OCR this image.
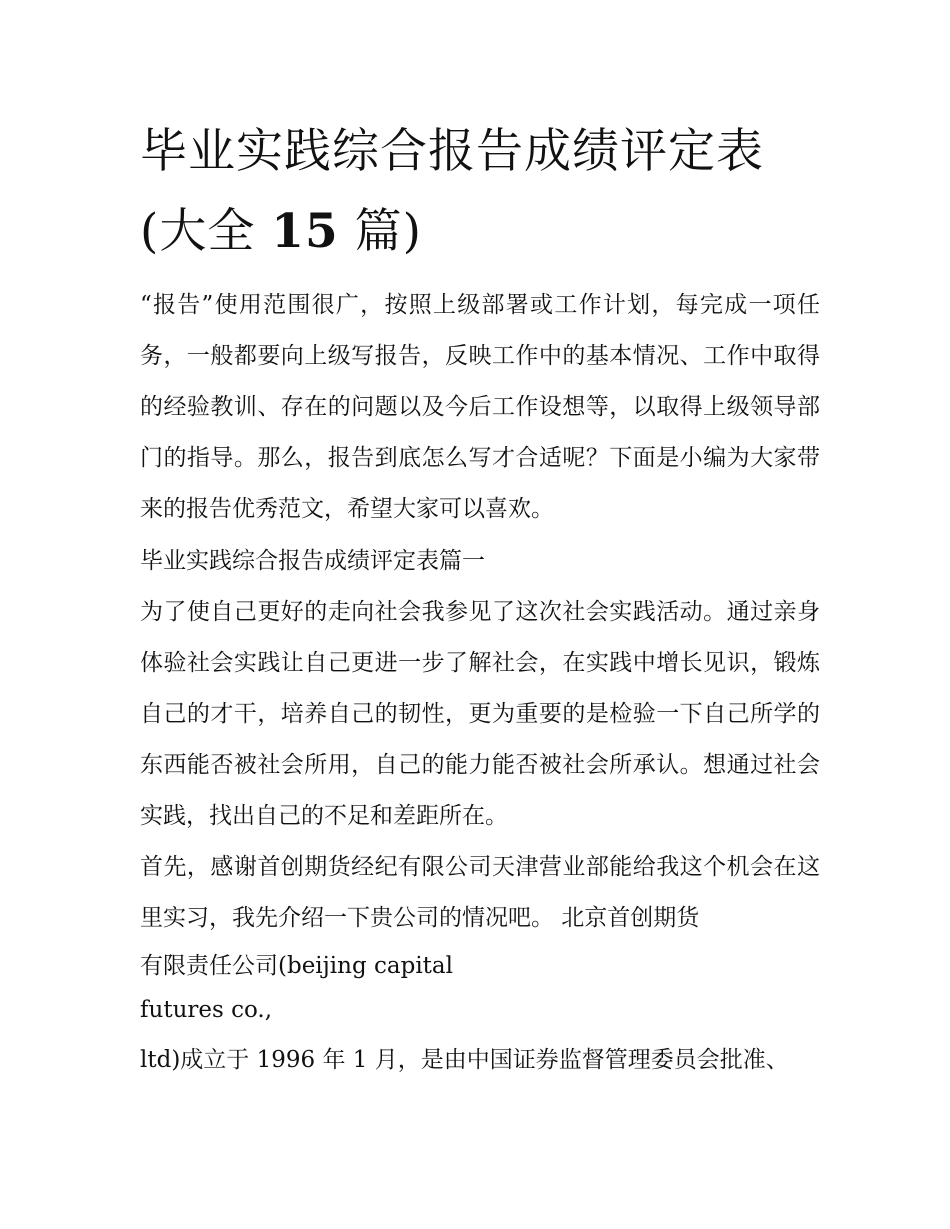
毕业实践综合报告成绩评定表
(大全 15 篇)

“报告”使用范围很广，按照上级部署或工作计划，每完成一项任务，一般都要向上级写报告，反映工作中的基本情况、工作中取得的经验教训、存在的问题以及今后工作设想等，以取得上级领导部门的指导。那么，报告到底怎么写才合适呢？下面是小编为大家带来的报告优秀范文，希望大家可以喜欢。

毕业实践综合报告成绩评定表篇一

为了使自己更好的走向社会我参见了这次社会实践活动。通过亲身体验社会实践让自己更进一步了解社会，在实践中增长见识，锻炼自己的才干，培养自己的韧性，更为重要的是检验一下自己所学的东西能否被社会所用，自己的能力能否被社会所承认。想通过社会实践，找出自己的不足和差距所在。

首先，感谢首创期货经纪有限公司天津营业部能给我这个机会在这里实习，我先介绍一下贵公司的情况吧。 北京首创期货

有限责任公司(beijing capital

futures co.,

ltd)成立于 1996 年 1 月，是由中国证券监督管理委员会批准、
